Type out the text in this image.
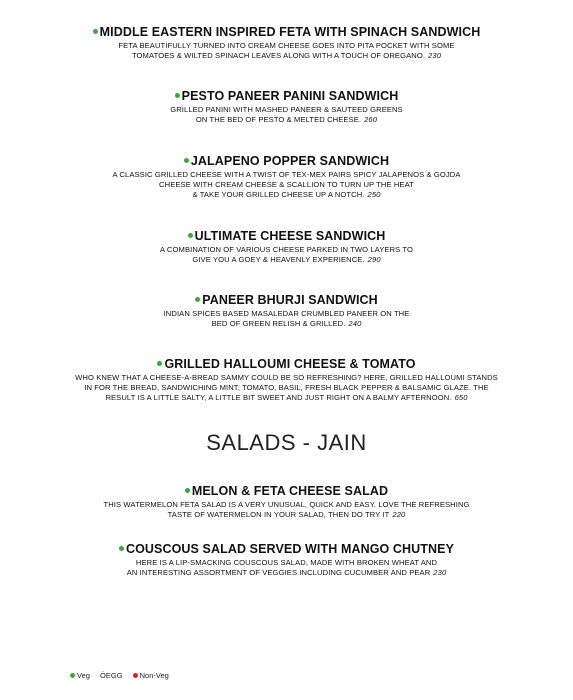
MIDDLE EASTERN INSPIRED FETA WITH SPINACH SANDWICH
FETA BEAUTIFULLY TURNED INTO CREAM CHEESE GOES INTO PITA POCKET WITH SOME
TOMATOES & WILTED SPINACH LEAVES ALONG WITH A TOUCH OF OREGANO. 230
PESTO PANEER PANINI SANDWICH
GRILLED PANINI WITH MASHED PANEER & SAUTEED GREENS
ON THE BED OF PESTO & MELTED CHEESE. 260
JALAPENO POPPER SANDWICH
A CLASSIC GRILLED CHEESE WITH A TWIST OF TEX-MEX PAIRS SPICY JALAPENOS & GOJDA
CHEESE WITH CREAM CHEESE & SCALLION TO TURN UP THE HEAT
& TAKE YOUR GRILLED CHEESE UP A NOTCH. 250
ULTIMATE CHEESE SANDWICH
A COMBINATION OF VARIOUS CHEESE PARKED IN TWO LAYERS TO
GIVE YOU A GOEY & HEAVENLY EXPERIENCE. 290
PANEER BHURJI SANDWICH
INDIAN SPICES BASED MASALEDAR CRUMBLED PANEER ON THE
BED OF GREEN RELISH & GRILLED. 240
GRILLED HALLOUMI CHEESE & TOMATO
WHO KNEW THAT A CHEESE-A-BREAD SAMMY COULD BE SO REFRESHING? HERE, GRILLED HALLOUMI STANDS
IN FOR THE BREAD, SANDWICHING MINT, TOMATO, BASIL, FRESH BLACK PEPPER & BALSAMIC GLAZE. THE
RESULT IS A LITTLE SALTY, A LITTLE BIT SWEET AND JUST RIGHT ON A BALMY AFTERNOON. 650
SALADS - JAIN
MELON & FETA CHEESE SALAD
THIS WATERMELON FETA SALAD IS A VERY UNUSUAL, QUICK AND EASY. LOVE THE REFRESHING
TASTE OF WATERMELON IN YOUR SALAD, THEN DO TRY IT 220
COUSCOUS SALAD SERVED WITH MANGO CHUTNEY
HERE IS A LIP-SMACKING COUSCOUS SALAD, MADE WITH BROKEN WHEAT AND
AN INTERESTING ASSORTMENT OF VEGGIES INCLUDING CUCUMBER AND PEAR 230
Veg ÖEGG Non-Veg
